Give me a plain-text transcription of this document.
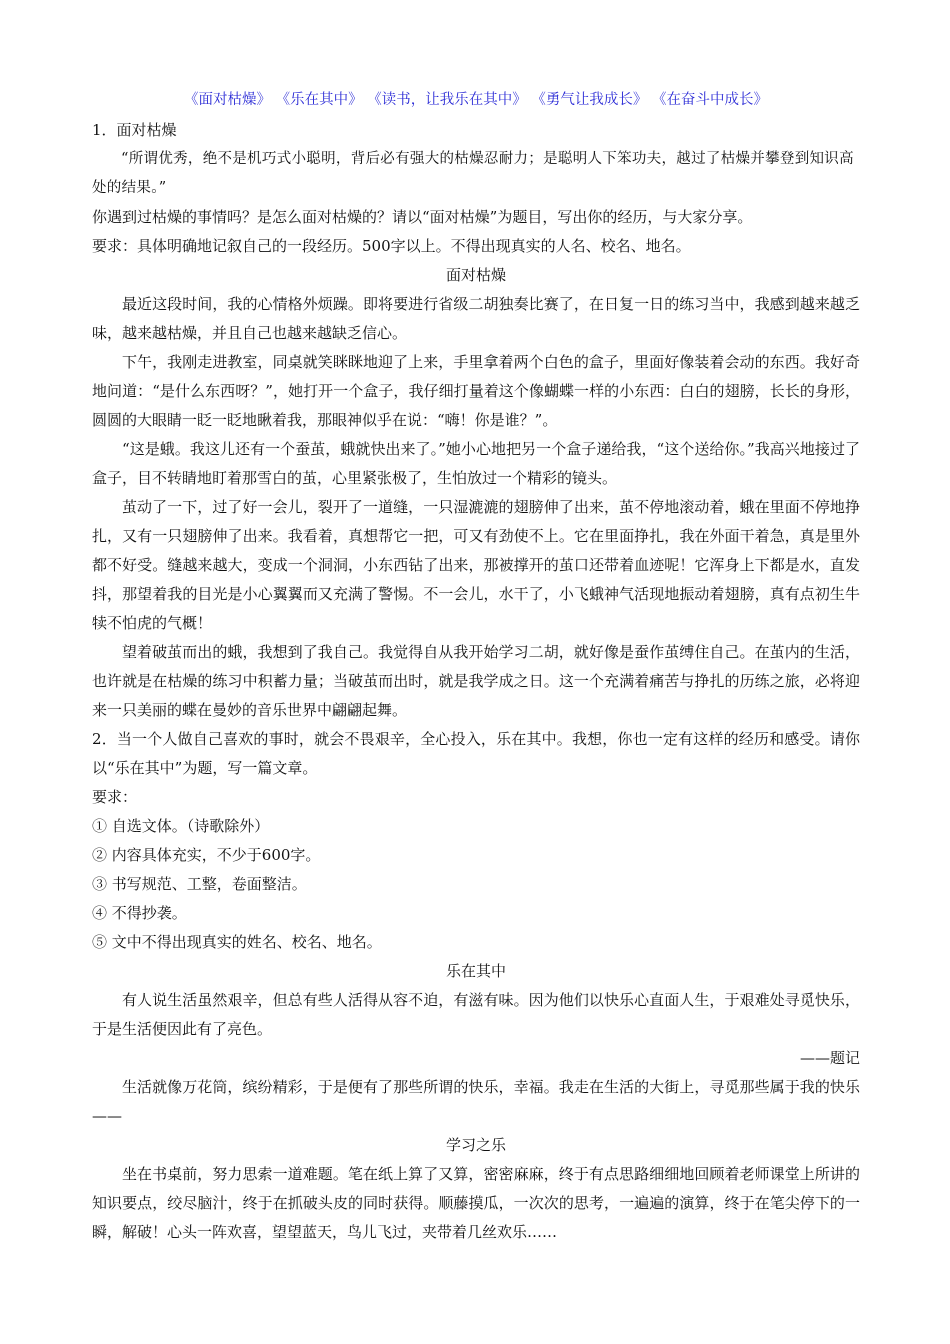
《面对枯燥》 《乐在其中》 《读书，让我乐在其中》 《勇气让我成长》 《在奋斗中成长》

1．面对枯燥

“所谓优秀，绝不是机巧式小聪明，背后必有强大的枯燥忍耐力；是聪明人下笨功夫，越过了枯燥并攀登到知识高处的结果。”

你遇到过枯燥的事情吗？是怎么面对枯燥的？请以“面对枯燥”为题目，写出你的经历，与大家分享。

要求：具体明确地记叙自己的一段经历。500字以上。不得出现真实的人名、校名、地名。

面对枯燥

最近这段时间，我的心情格外烦躁。即将要进行省级二胡独奏比赛了，在日复一日的练习当中，我感到越来越乏味，越来越枯燥，并且自己也越来越缺乏信心。

下午，我刚走进教室，同桌就笑眯眯地迎了上来，手里拿着两个白色的盒子，里面好像装着会动的东西。我好奇地问道：“是什么东西呀？”，她打开一个盒子，我仔细打量着这个像蝴蝶一样的小东西：白白的翅膀，长长的身形，圆圆的大眼睛一眨一眨地瞅着我，那眼神似乎在说：“嗨！你是谁？”。

“这是蛾。我这儿还有一个蚕茧，蛾就快出来了。”她小心地把另一个盒子递给我，“这个送给你。”我高兴地接过了盒子，目不转睛地盯着那雪白的茧，心里紧张极了，生怕放过一个精彩的镜头。

茧动了一下，过了好一会儿，裂开了一道缝，一只湿漉漉的翅膀伸了出来，茧不停地滚动着，蛾在里面不停地挣扎，又有一只翅膀伸了出来。我看着，真想帮它一把，可又有劲使不上。它在里面挣扎，我在外面干着急，真是里外都不好受。缝越来越大，变成一个洞洞，小东西钻了出来，那被撑开的茧口还带着血迹呢！它浑身上下都是水，直发抖，那望着我的目光是小心翼翼而又充满了警惕。不一会儿，水干了，小飞蛾神气活现地振动着翅膀，真有点初生牛犊不怕虎的气概！

望着破茧而出的蛾，我想到了我自己。我觉得自从我开始学习二胡，就好像是蚕作茧缚住自己。在茧内的生活，也许就是在枯燥的练习中积蓄力量；当破茧而出时，就是我学成之日。这一个充满着痛苦与挣扎的历练之旅，必将迎来一只美丽的蝶在曼妙的音乐世界中翩翩起舞。

2．当一个人做自己喜欢的事时，就会不畏艰辛，全心投入，乐在其中。我想，你也一定有这样的经历和感受。请你以“乐在其中”为题，写一篇文章。

要求：

① 自选文体。（诗歌除外）

② 内容具体充实，不少于600字。

③ 书写规范、工整，卷面整洁。

④ 不得抄袭。

⑤ 文中不得出现真实的姓名、校名、地名。

乐在其中

有人说生活虽然艰辛，但总有些人活得从容不迫，有滋有味。因为他们以快乐心直面人生，于艰难处寻觅快乐，于是生活便因此有了亮色。

——题记

生活就像万花筒，缤纷精彩，于是便有了那些所谓的快乐，幸福。我走在生活的大街上，寻觅那些属于我的快乐——

学习之乐

坐在书桌前，努力思索一道难题。笔在纸上算了又算，密密麻麻，终于有点思路细细地回顾着老师课堂上所讲的知识要点，绞尽脑汁，终于在抓破头皮的同时获得。顺藤摸瓜，一次次的思考，一遍遍的演算，终于在笔尖停下的一瞬，解破！心头一阵欢喜，望望蓝天，鸟儿飞过，夹带着几丝欢乐……
